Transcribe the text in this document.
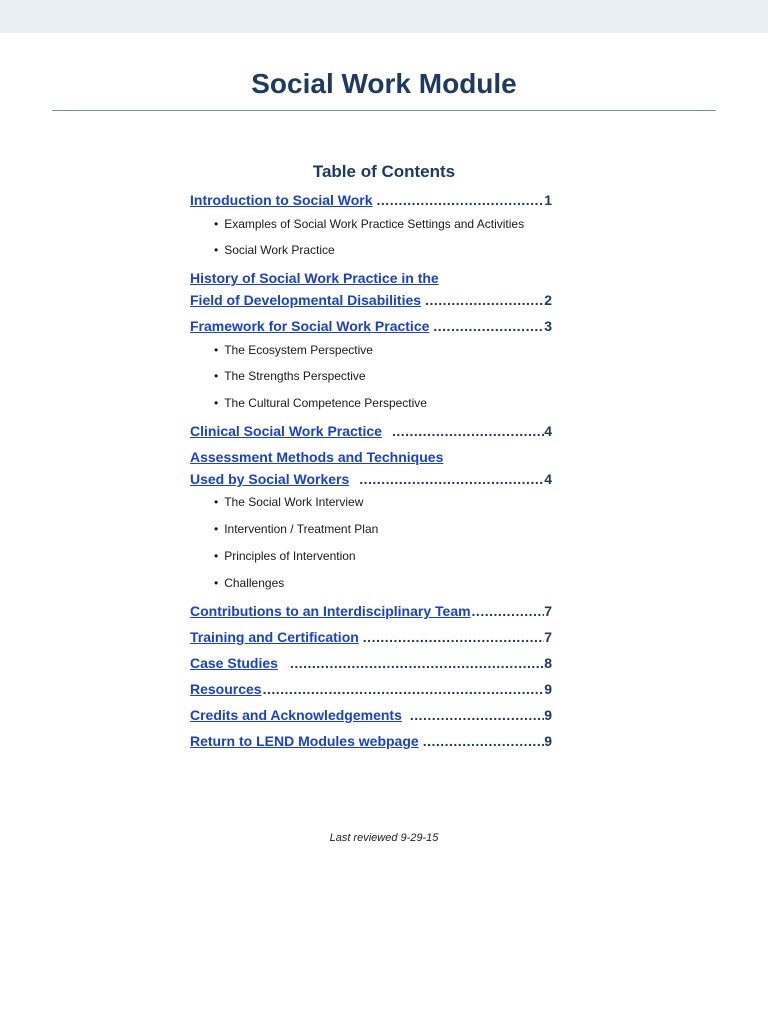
Social Work Module
Table of Contents
Introduction to Social Work .....	1
• Examples of Social Work Practice Settings and Activities
• Social Work Practice
History of Social Work Practice in the
Field of Developmental Disabilities .....	2
Framework for Social Work Practice .....	3
• The Ecosystem Perspective
• The Strengths Perspective
• The Cultural Competence Perspective
Clinical Social Work Practice .....	4
Assessment Methods and Techniques
Used by Social Workers .....	4
• The Social Work Interview
• Intervention / Treatment Plan
• Principles of Intervention
• Challenges
Contributions to an Interdisciplinary Team .....	7
Training and Certification .....	7
Case Studies .....	8
Resources .....	9
Credits and Acknowledgements .....	9
Return to LEND Modules webpage .....	9
Last reviewed 9-29-15
